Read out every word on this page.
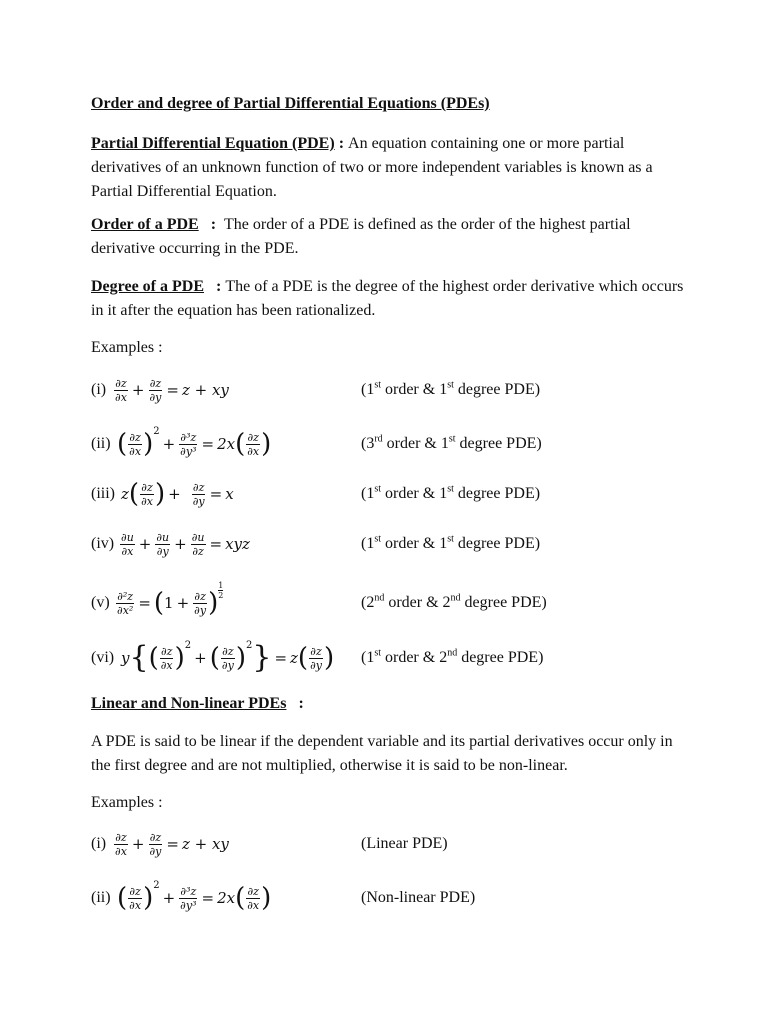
Order and degree of Partial Differential Equations (PDEs)

Partial Differential Equation (PDE) : An equation containing one or more partial derivatives of an unknown function of two or more independent variables is known as a Partial Differential Equation.
Order of a PDE   :  The order of a PDE is defined as the order of the highest partial derivative occurring in the PDE.
Degree of a PDE   : The of a PDE is the degree of the highest order derivative which occurs in it after the equation has been rationalized.

Examples :

$(i) \frac{\partial z}{\partial x} + \frac{\partial z}{\partial y} = z$ + xy	(1st order & 1st degree PDE)
(ii) ( $\frac{\partial z}{\partial x}$ ) 2
+ $\frac{\text{∂³z}}{\text{∂y³}} = 2x$ ( $\frac{\partial z}{\partial x}$ )	(3rd order & 1st degree PDE)
(iii) z ( $\frac{\partial z}{\partial x}$ ) + $\frac{\partial z}{\partial y} = x$	(1st order & 1st degree PDE)
$(iv) \frac{\partial u}{\partial x} + \frac{\partial u}{\partial y} + \frac{\partial u}{\partial z}$ = xyz	(1st order & 1st degree PDE)
$(v) \frac{\text{∂²z}}{\text{∂x²}}$ = ( $1 + \frac{\partial z}{\partial y}$ ) $\frac{1}{2}$
(2nd order & 2nd degree PDE)
(vi) y { ( $\frac{\partial z}{\partial x}$ ) 2
+ ( $\frac{\partial z}{\partial y}$ ) 2 } = z ( $\frac{\partial z}{\partial y}$ ) (1st order & 2nd degree PDE)
Linear and Non-linear PDEs   :

A PDE is said to be linear if the dependent variable and its partial derivatives occur only in the first degree and are not multiplied, otherwise it is said to be non-linear.

Examples :

$(i) \frac{\partial z}{\partial x} + \frac{\partial z}{\partial y} = z$ + xy	(Linear PDE)
(ii) ( $\frac{\partial z}{\partial x}$ ) 2
+ $\frac{\text{∂³z}}{\text{∂y³}} = 2x$ ( $\frac{\partial z}{\partial x}$ )	(Non-linear PDE)
